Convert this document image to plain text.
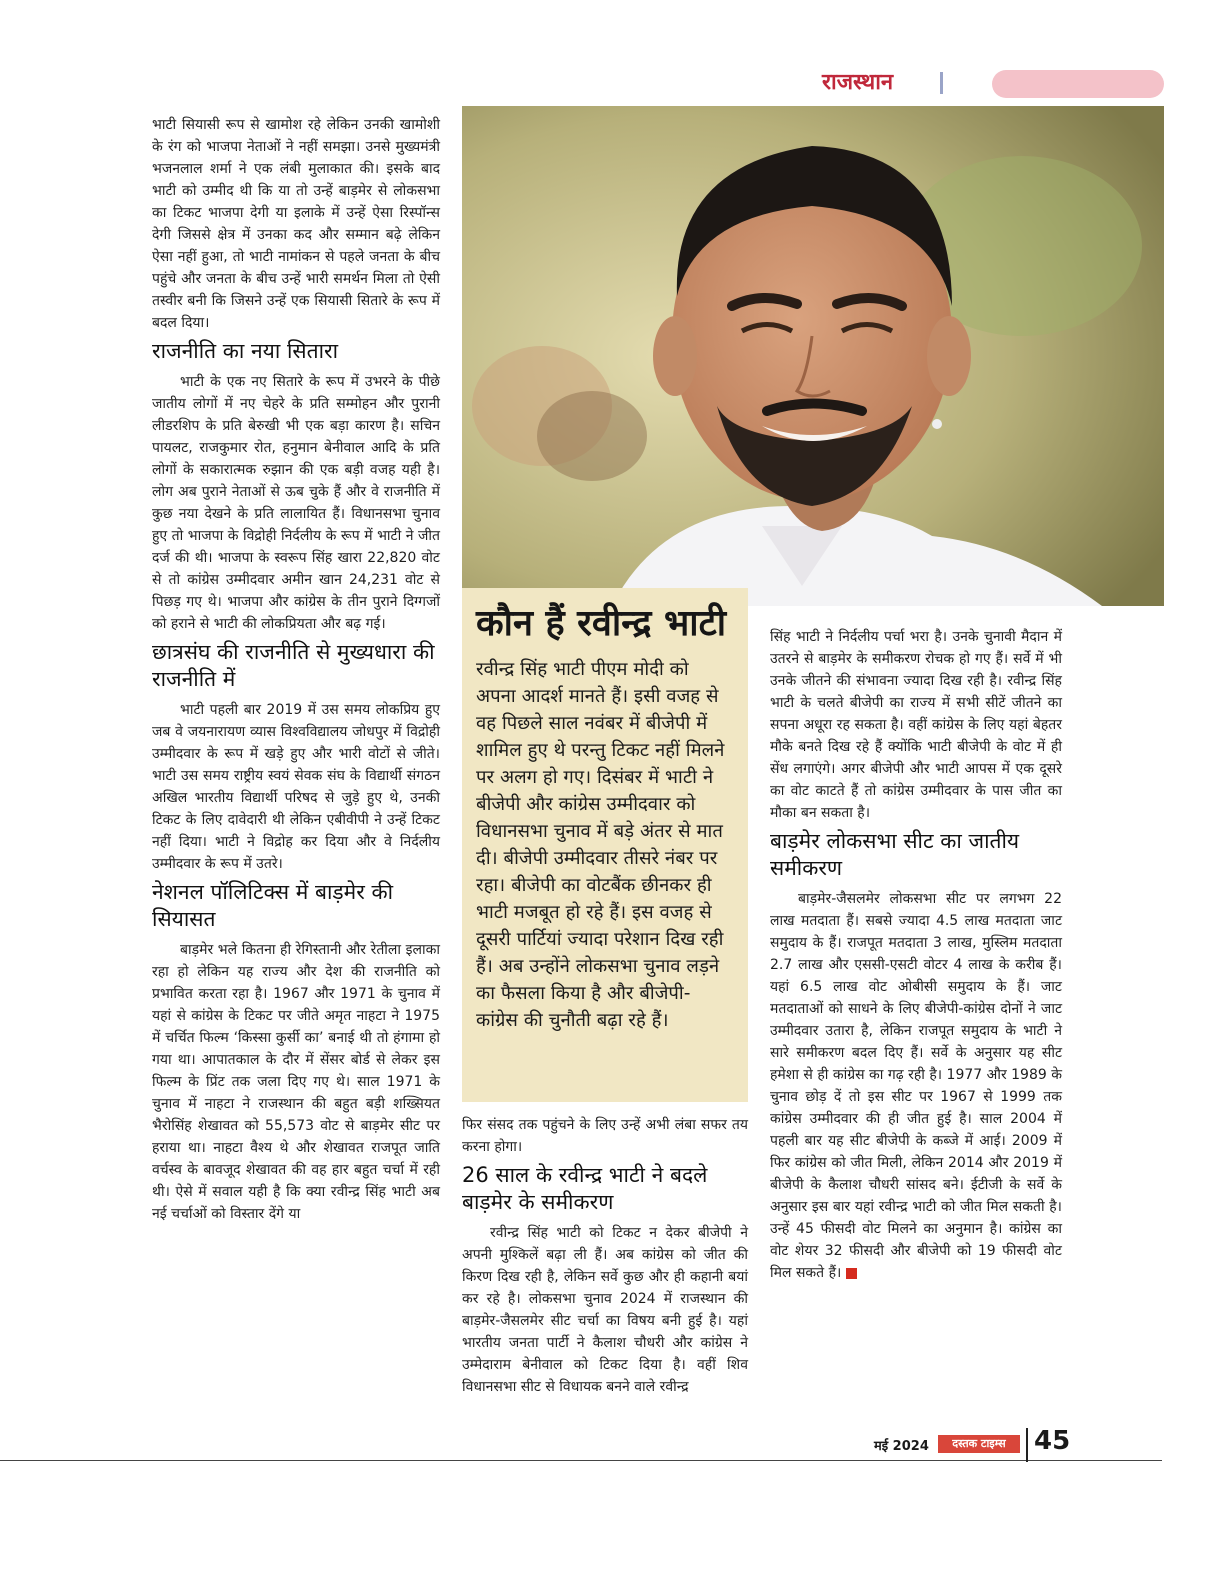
राजस्थान

भाटी सियासी रूप से खामोश रहे लेकिन उनकी खामोशी के रंग को भाजपा नेताओं ने नहीं समझा। उनसे मुख्यमंत्री भजनलाल शर्मा ने एक लंबी मुलाकात की। इसके बाद भाटी को उम्मीद थी कि या तो उन्हें बाड़मेर से लोकसभा का टिकट भाजपा देगी या इलाके में उन्हें ऐसा रिस्पॉन्स देगी जिससे क्षेत्र में उनका कद और सम्मान बढ़े लेकिन ऐसा नहीं हुआ, तो भाटी नामांकन से पहले जनता के बीच पहुंचे और जनता के बीच उन्हें भारी समर्थन मिला तो ऐसी तस्वीर बनी कि जिसने उन्हें एक सियासी सितारे के रूप में बदल दिया।

राजनीति का नया सितारा

भाटी के एक नए सितारे के रूप में उभरने के पीछे जातीय लोगों में नए चेहरे के प्रति सम्मोहन और पुरानी लीडरशिप के प्रति बेरुखी भी एक बड़ा कारण है। सचिन पायलट, राजकुमार रोत, हनुमान बेनीवाल आदि के प्रति लोगों के सकारात्मक रुझान की एक बड़ी वजह यही है। लोग अब पुराने नेताओं से ऊब चुके हैं और वे राजनीति में कुछ नया देखने के प्रति लालायित हैं। विधानसभा चुनाव हुए तो भाजपा के विद्रोही निर्दलीय के रूप में भाटी ने जीत दर्ज की थी। भाजपा के स्वरूप सिंह खारा 22,820 वोट से तो कांग्रेस उम्मीदवार अमीन खान 24,231 वोट से पिछड़ गए थे। भाजपा और कांग्रेस के तीन पुराने दिग्गजों को हराने से भाटी की लोकप्रियता और बढ़ गई।

छात्रसंघ की राजनीति से मुख्यधारा की राजनीति में

भाटी पहली बार 2019 में उस समय लोकप्रिय हुए जब वे जयनारायण व्यास विश्वविद्यालय जोधपुर में विद्रोही उम्मीदवार के रूप में खड़े हुए और भारी वोटों से जीते। भाटी उस समय राष्ट्रीय स्वयं सेवक संघ के विद्यार्थी संगठन अखिल भारतीय विद्यार्थी परिषद से जुड़े हुए थे, उनकी टिकट के लिए दावेदारी थी लेकिन एबीवीपी ने उन्हें टिकट नहीं दिया। भाटी ने विद्रोह कर दिया और वे निर्दलीय उम्मीदवार के रूप में उतरे।

नेशनल पॉलिटिक्स में बाड़मेर की सियासत

बाड़मेर भले कितना ही रेगिस्तानी और रेतीला इलाका रहा हो लेकिन यह राज्य और देश की राजनीति को प्रभावित करता रहा है। 1967 और 1971 के चुनाव में यहां से कांग्रेस के टिकट पर जीते अमृत नाहटा ने 1975 में चर्चित फिल्म ‘किस्सा कुर्सी का’ बनाई थी तो हंगामा हो गया था। आपातकाल के दौर में सेंसर बोर्ड से लेकर इस फिल्म के प्रिंट तक जला दिए गए थे। साल 1971 के चुनाव में नाहटा ने राजस्थान की बहुत बड़ी शख्सियत भैरोसिंह शेखावत को 55,573 वोट से बाड़मेर सीट पर हराया था। नाहटा वैश्य थे और शेखावत राजपूत जाति वर्चस्व के बावजूद शेखावत की वह हार बहुत चर्चा में रही थी। ऐसे में सवाल यही है कि क्या रवीन्द्र सिंह भाटी अब नई चर्चाओं को विस्तार देंगे या

कौन हैं रवीन्द्र भाटी

रवीन्द्र सिंह भाटी पीएम मोदी को अपना आदर्श मानते हैं। इसी वजह से वह पिछले साल नवंबर में बीजेपी में शामिल हुए थे परन्तु टिकट नहीं मिलने पर अलग हो गए। दिसंबर में भाटी ने बीजेपी और कांग्रेस उम्मीदवार को विधानसभा चुनाव में बड़े अंतर से मात दी। बीजेपी उम्मीदवार तीसरे नंबर पर रहा। बीजेपी का वोटबैंक छीनकर ही भाटी मजबूत हो रहे हैं। इस वजह से दूसरी पार्टियां ज्यादा परेशान दिख रही हैं। अब उन्होंने लोकसभा चुनाव लड़ने का फैसला किया है और बीजेपी- कांग्रेस की चुनौती बढ़ा रहे हैं।

फिर संसद तक पहुंचने के लिए उन्हें अभी लंबा सफर तय करना होगा।

26 साल के रवीन्द्र भाटी ने बदले बाड़मेर के समीकरण

रवीन्द्र सिंह भाटी को टिकट न देकर बीजेपी ने अपनी मुश्किलें बढ़ा ली हैं। अब कांग्रेस को जीत की किरण दिख रही है, लेकिन सर्वे कुछ और ही कहानी बयां कर रहे है। लोकसभा चुनाव 2024 में राजस्थान की बाड़मेर-जैसलमेर सीट चर्चा का विषय बनी हुई है। यहां भारतीय जनता पार्टी ने कैलाश चौधरी और कांग्रेस ने उम्मेदाराम बेनीवाल को टिकट दिया है। वहीं शिव विधानसभा सीट से विधायक बनने वाले रवीन्द्र

सिंह भाटी ने निर्दलीय पर्चा भरा है। उनके चुनावी मैदान में उतरने से बाड़मेर के समीकरण रोचक हो गए हैं। सर्वे में भी उनके जीतने की संभावना ज्यादा दिख रही है। रवीन्द्र सिंह भाटी के चलते बीजेपी का राज्य में सभी सीटें जीतने का सपना अधूरा रह सकता है। वहीं कांग्रेस के लिए यहां बेहतर मौके बनते दिख रहे हैं क्योंकि भाटी बीजेपी के वोट में ही सेंध लगाएंगे। अगर बीजेपी और भाटी आपस में एक दूसरे का वोट काटते हैं तो कांग्रेस उम्मीदवार के पास जीत का मौका बन सकता है।

बाड़मेर लोकसभा सीट का जातीय समीकरण

बाड़मेर-जैसलमेर लोकसभा सीट पर लगभग 22 लाख मतदाता हैं। सबसे ज्यादा 4.5 लाख मतदाता जाट समुदाय के हैं। राजपूत मतदाता 3 लाख, मुस्लिम मतदाता 2.7 लाख और एससी-एसटी वोटर 4 लाख के करीब हैं। यहां 6.5 लाख वोट ओबीसी समुदाय के हैं। जाट मतदाताओं को साधने के लिए बीजेपी-कांग्रेस दोनों ने जाट उम्मीदवार उतारा है, लेकिन राजपूत समुदाय के भाटी ने सारे समीकरण बदल दिए हैं। सर्वे के अनुसार यह सीट हमेशा से ही कांग्रेस का गढ़ रही है। 1977 और 1989 के चुनाव छोड़ दें तो इस सीट पर 1967 से 1999 तक कांग्रेस उम्मीदवार की ही जीत हुई है। साल 2004 में पहली बार यह सीट बीजेपी के कब्जे में आई। 2009 में फिर कांग्रेस को जीत मिली, लेकिन 2014 और 2019 में बीजेपी के कैलाश चौधरी सांसद बने। ईटीजी के सर्वे के अनुसार इस बार यहां रवीन्द्र भाटी को जीत मिल सकती है। उन्हें 45 फीसदी वोट मिलने का अनुमान है। कांग्रेस का वोट शेयर 32 फीसदी और बीजेपी को 19 फीसदी वोट मिल सकते हैं।

मई 2024	दस्तक टाइम्स	45
